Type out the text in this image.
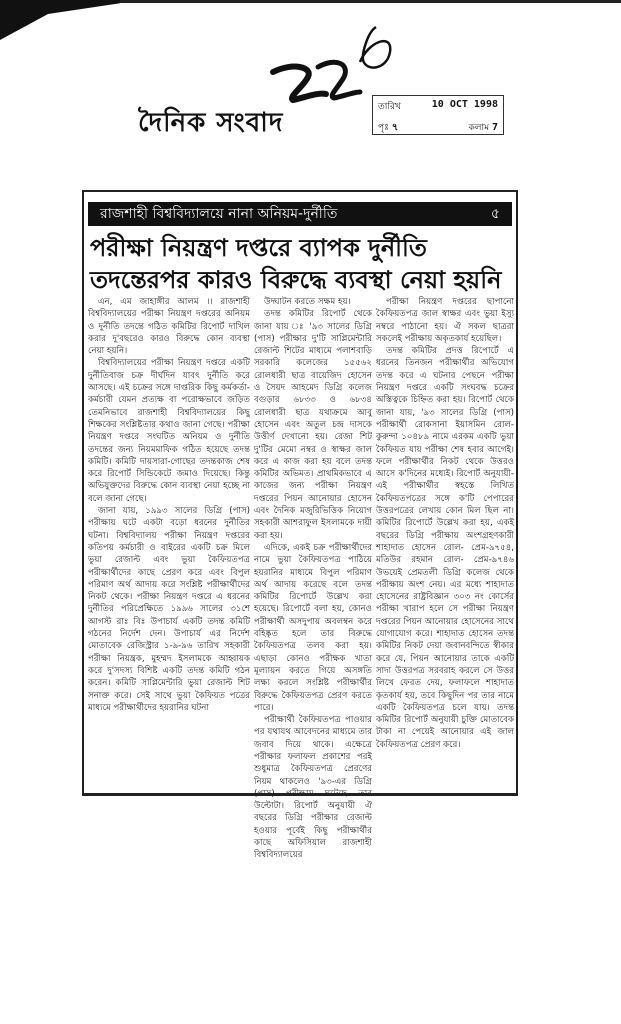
দৈনিক সংবাদ
তারিখ	10 OCT 1998
পৃঃ ৭	কলাম 7
রাজশাহী বিশ্ববিদ্যালয়ে নানা অনিয়ম-দুর্নীতি	৫
পরীক্ষা নিয়ন্ত্রণ দপ্তরে ব্যাপক দুর্নীতি
তদন্তেরপর কারও বিরুদ্ধে ব্যবস্থা নেয়া হয়নি

এন, এম জাহাঙ্গীর আলম ।। রাজশাহী বিশ্ববিদ্যালয়ের পরীক্ষা নিয়ন্ত্রণ দপ্তরের অনিয়ম ও দুর্নীতি তদন্তে গঠিত কমিটির রিপোর্ট দাখিল করার দু'বছরেও কারও বিরুদ্ধে কোন ব্যবস্থা নেয়া হয়নি।

বিশ্ববিদ্যালয়ের পরীক্ষা নিয়ন্ত্রণ দপ্তরে একটি দুর্নীতিবাজ চক্র দীর্ঘদিন যাবৎ দুর্নীতি করে আসছে। এই চক্রের সঙ্গে দাপ্তরিক কিছু কর্মকর্তা-কর্মচারী যেমন প্রত্যক্ষ বা পরোক্ষভাবে জড়িত তেমনিভাবে রাজশাহী বিশ্ববিদ্যালয়ের কিছু শিক্ষকের সংশ্লিষ্টতার কথাও জানা গেছে। পরীক্ষা নিয়ন্ত্রণ দপ্তরে সংঘটিত অনিয়ম ও দুর্নীতি তদন্তের জন্য নিয়মমাফিক গঠিত হয়েছে তদন্ত কমিটি। কমিটি দায়সারা-গোছের তদন্তকাজ শেষ করে রিপোর্ট সিন্ডিকেটে জমাও দিয়েছে। কিন্তু অভিযুক্তদের বিরুদ্ধে কোন ব্যবস্থা নেয়া হচ্ছে না বলে জানা গেছে।

জানা যায়, ১৯৯৩ সালের ডিগ্রি (পাস) পরীক্ষায় ঘটে একটা বড়ো ধরনের দুর্নীতির ঘটনা। বিশ্ববিদ্যালয় পরীক্ষা নিয়ন্ত্রণ দপ্তরের কতিপয় কর্মচারী ও বাইরের একটি চক্র মিলে ভুয়া রেজাল্ট এবং ভুয়া কৈফিয়তপত্র পরীক্ষার্থীদের কাছে প্রেরণ করে এবং বিপুল পরিমাণ অর্থ আদায় করে সংশ্লিষ্ট পরীক্ষার্থীদের নিকট থেকে। পরীক্ষা নিয়ন্ত্রণ দপ্তরে এ ধরনের দুর্নীতির পরিপ্রেক্ষিতে ১৯৯৬ সালের ৩১শে আগস্ট রাঃ বিঃ উপাচার্য একটি তদন্ত কমিটি গঠনের নির্দেশ দেন। উপাচার্য এর নির্দেশ মোতাবেক রেজিস্ট্রার ১-৯-৯৬ তারিখ সহকারী পরীক্ষা নিয়ন্ত্রক, মুহম্মদ ইসলামকে আহ্বায়ক করে দু'সদস্য বিশিষ্ট একটি তদন্ত কমিটি গঠন করেন। কমিটি সাপ্লিমেন্টারি ভুয়া রেজাল্ট শিট সনাক্ত করে। সেই সাথে ভুয়া কৈফিয়ত পত্রের মাধ্যমে পরীক্ষার্থীদের হয়রানির ঘটনা

উদ্ঘাটন করতে সক্ষম হয়।

তদন্ত কমিটির রিপোর্ট থেকে জানা যায় ঃ '৯৩ সালের ডিগ্রি (পাস) পরীক্ষার দু'টি সাপ্লিমেন্টারি রেজাল্ট শিটের মাধ্যমে পলাশবাড়ি সরকারি কলেজের ১৫৫৬২ রোলধারী ছাত্র বায়েজিদ হোসেন ও সৈয়দ আহমেদ ডিগ্রি কলেজ বগুড়ার ৬৮৩৩ ও ৬৮৩৪ রোলধারী ছাত্র যথাক্রমে আবু হোসেন এবং অতুল চন্দ্র দাসকে উত্তীর্ণ দেখানো হয়। রেজা শিট দু'টির মেমো নম্বর ও স্বাক্ষর জাল করে এ কাজ করা হয় বলে তদন্ত কমিটির অভিমত। প্রাথমিকভাবে এ কাজের জন্য পরীক্ষা নিয়ন্ত্রণ দপ্তরের পিয়ন আনোয়ার হোসেন এবং দৈনিক মজুরিভিত্তিক নিয়োগ সহকারী আশরাফুল ইসলামকে দায়ী করা হয়।

এদিকে, একই চক্র পরীক্ষার্থীদের নামে ভুয়া কৈফিয়তপত্র পাঠিয়ে হয়রানির মাধ্যমে বিপুল পরিমাণ অর্থ আদায় করেছে বলে তদন্ত কমিটির রিপোর্টে উল্লেখ করা হয়েছে। রিপোর্টে বলা হয়, কোনও পরীক্ষার্থী অসদুপায় অবলম্বন করে বহিষ্কৃত হলে তার বিরুদ্ধে কৈফিয়তপত্র তলব করা হয়। এছাড়া কোনও পরীক্ষক খাতা মূল্যায়ন করতে গিয়ে অসঙ্গতি লক্ষ্য করলে সংশ্লিষ্ট পরীক্ষার্থীর বিরুদ্ধে কৈফিয়তপত্র প্রেরণ করতে পারে।

পরীক্ষার্থী কৈফিয়তপত্র পাওয়ার পর যথাযথ আবেদনের মাধ্যমে তার জবাব দিয়ে থাকে। এক্ষেত্রে পরীক্ষার ফলাফল প্রকাশের পরই শুধুমাত্র কৈফিয়তপত্র প্রেরণের নিয়ম থাকলেও '৯৩-এর ডিগ্রি (পাস) পরীক্ষায় ঘটেছে তার উল্টোটা। রিপোর্ট অনুযায়ী ঐ বছরের ডিগ্রি পরীক্ষার রেজাল্ট হওয়ার পূর্বেই কিছু পরীক্ষার্থীর কাছে অফিসিয়াল রাজশাহী বিশ্ববিদ্যালয়ের

পরীক্ষা নিয়ন্ত্রণ দপ্তরের ছাপানো কৈফিয়তপত্র জাল স্বাক্ষর এবং ভুয়া ইস্যু নম্বরে পাঠানো হয়। ঐ সকল ছাত্ররা সকলেই পরীক্ষায় অকৃতকার্য হয়েছিল।

তদন্ত কমিটির প্রদত্ত রিপোর্টে এ ধরনের তিনজন পরীক্ষার্থীর অভিযোগ তদন্ত করে এ ঘটনার পেছনে পরীক্ষা নিয়ন্ত্রণ দপ্তরে একটি সংঘবদ্ধ চক্রের অস্তিত্বকে চিহ্নিত করা হয়। রিপোর্ট থেকে জানা যায়, '৯৩ সালের ডিগ্রি (পাস) পরীক্ষার্থী রোকসানা ইয়াসমিন রোল-কুরুন্দা ১০৪৮৯ নামে এরকম একটি ভুয়া কৈফিয়ত যায় পরীক্ষা শেষ হবার আগেই। ফলে পরীক্ষার্থীর নিকট থেকে উত্তরও আসে ক'দিনের মধ্যেই। রিপোর্ট অনুযায়ী-এই পরীক্ষার্থীর স্বহস্তে লিখিত কৈফিয়তপত্রের সঙ্গে ক'টি পেপারের উত্তরপত্রের লেখায় কোন মিল ছিল না। কমিটির রিপোর্টে উল্লেখ করা হয়, একই বছরের ডিগ্রি পরীক্ষায় অংশগ্রহণকারী শাহাদাত হোসেন রোল- প্রেম-৯৭৫৪, মতিউর রহমান রোল- প্রেম-৯৭৪৬ উভয়েই প্রেমতলী ডিগ্রি কলেজ থেকে পরীক্ষায় অংশ নেয়। এর মধ্যে শাহাদাত হোসেনের রাষ্ট্রবিজ্ঞান ৩০৩ নং কোর্সের পরীক্ষা খারাপ হলে সে পরীক্ষা নিয়ন্ত্রণ দপ্তরের পিয়ন আনোয়ার হোসেনের সাথে যোগাযোগ করে। শাহাদাত হোসেন তদন্ত কমিটির নিকট দেয়া জবানবন্দিতে স্বীকার করে যে, পিয়ন আনোয়ার তাকে একটি সাদা উত্তরপত্র সরবরাহ করলে সে উত্তর লিখে ফেরত দেয়, ফলাফলে শাহাদাত কৃতকার্য হয়, তবে কিছুদিন পর তার নামে একটি কৈফিয়তপত্র চলে যায়। তদন্ত কমিটির রিপোর্ট অনুযায়ী চুক্তি মোতাবেক টাকা না পেয়েই আনোয়ার এই জাল কৈফিয়তপত্র প্রেরণ করে।
